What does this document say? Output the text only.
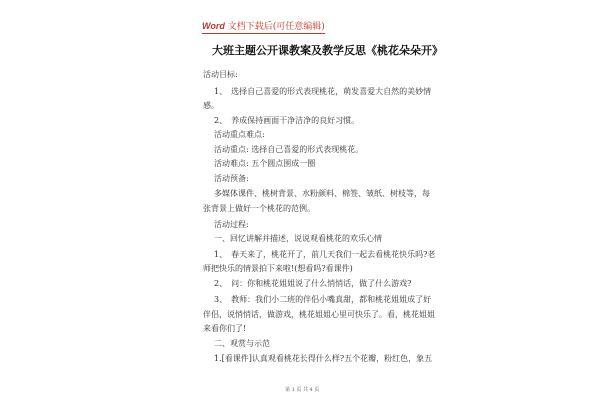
Word 文档下载后(可任意编辑)
大班主题公开课教案及教学反思《桃花朵朵开》
活动目标:
1、　选择自己喜爱的形式表现桃花，萌发喜爱大自然的美妙情
感。
2、　养成保持画面干净洁净的良好习惯。
活动重点难点:
活动重点: 选择自己喜爱的形式表现桃花。
活动难点: 五个圆点围成一圈
活动预备:
多媒体课件、桃树背景、水粉颜料、棉签、皱纸、树枝等，每
张背景上做好一个桃花的范例。
活动过程:
一、回忆讲解并描述，说说观看桃花的欢乐心情
1、　春天来了，桃花开了，前几天我们一起去看桃花快乐吗?老
师把快乐的情景拍下来啦!(想看吗?看课件)
2、　问：你和桃花姐姐说了什么悄悄话，做了什么游戏?
3、　教师：我们小二班的伴侣小嘴真甜，都和桃花姐姐成了好
伴侣，说悄悄话，做游戏，桃花姐姐心里可快乐了。看，桃花姐姐
来看你们了!
二、观赏与示范
1.[看课件]认真观看桃花长得什么样?五个花瓣，粉红色，象五
第 1 页 共 4 页
